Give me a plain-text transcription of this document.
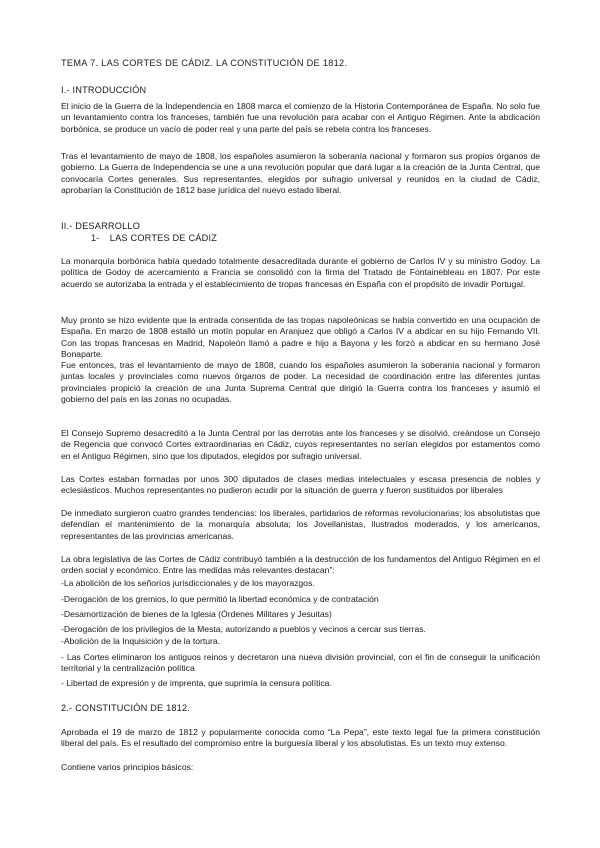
TEMA 7. LAS CORTES DE CÁDIZ. LA CONSTITUCIÓN DE 1812.
I.- INTRODUCCIÓN

El inicio de la Guerra de la Independencia en 1808 marca el comienzo de la Historia Contemporánea de España. No solo fue un levantamiento contra los franceses, también fue una revolución para acabar con el Antiguo Régimen. Ante la abdicación borbónica, se produce un vacío de poder real y una parte del país se rebela contra los franceses.

Tras el levantamiento de mayo de 1808, los españoles asumieron la soberanía nacional y formaron sus propios órganos de gobierno. La Guerra de Independencia se une a una revolución popular que dará lugar a la creación de la Junta Central, que convocaría Cortes generales. Sus representantes, elegidos por sufragio universal y reunidos en la ciudad de Cádiz, aprobarían la Constitución de 1812 base jurídica del nuevo estado liberal.

II.- DESARROLLO
1- LAS CORTES DE CÁDIZ

La monarquía borbónica había quedado totalmente desacreditada durante el gobierno de Carlos IV y su ministro Godoy. La política de Godoy de acercamiento a Francia se consolidó con la firma del Tratado de Fontainebleau en 1807. Por este acuerdo se autorizaba la entrada y el establecimiento de tropas francesas en España con el propósito de invadir Portugal.

Muy pronto se hizo evidente que la entrada consentida de las tropas napoleónicas se había convertido en una ocupación de España. En marzo de 1808 estalló un motín popular en Aranjuez que obligó a Carlos IV a abdicar en su hijo Fernando VII. Con las tropas francesas en Madrid, Napoleón llamó a padre e hijo a Bayona y les forzó a abdicar en su hermano José Bonaparte.

Fue entonces, tras el levantamiento de mayo de 1808, cuando los españoles asumieron la soberanía nacional y formaron juntas locales y provinciales como nuevos órganos de poder. La necesidad de coordinación entre las diferentes juntas provinciales propició la creación de una Junta Suprema Central que dirigió la Guerra contra los franceses y asumió el gobierno del país en las zonas no ocupadas.

El Consejo Supremo desacreditó a la Junta Central por las derrotas ante los franceses y se disolvió, creándose un Consejo de Regencia que convocó Cortes extraordinarias en Cádiz, cuyos representantes no serían elegidos por estamentos como en el Antiguo Régimen, sino que los diputados, elegidos por sufragio universal.

Las Cortes estaban formadas por unos 300 diputados de clases medias intelectuales y escasa presencia de nobles y eclesiásticos. Muchos representantes no pudieron acudir por la situación de guerra y fueron sustituidos por liberales

De inmediato surgieron cuatro grandes tendencias: los liberales, partidarios de reformas revolucionarias; los absolutistas que defendían el mantenimiento de la monarquía absoluta; los Jovellanistas, ilustrados moderados, y los americanos, representantes de las provincias americanas.

La obra legislativa de las Cortes de Cádiz contribuyó también a la destrucción de los fundamentos del Antiguo Régimen en el orden social y económico. Entre las medidas más relevantes destacan”:

-La abolición de los señoríos jurisdiccionales y de los mayorazgos.

-Derogación de los gremios, lo que permitió la libertad económica y de contratación

-Desamortización de bienes de la Iglesia (Órdenes Militares y Jesuitas)

-Derogación de los privilegios de la Mesta, autorizando a pueblos y vecinos a cercar sus tierras.

-Abolición de la Inquisición y de la tortura.

- Las Cortes eliminaron los antiguos reinos y decretaron una nueva división provincial, con el fin de conseguir la unificación territorial y la centralización política

- Libertad de expresión y de imprenta, que suprimía la censura política.

2.- CONSTITUCIÓN DE 1812.

Aprobada el 19 de marzo de 1812 y popularmente conocida como “La Pepa”, este texto legal fue la primera constitución liberal del país. Es el resultado del compromiso entre la burguesía liberal y los absolutistas. Es un texto muy extenso.

Contiene varios principios básicos:
